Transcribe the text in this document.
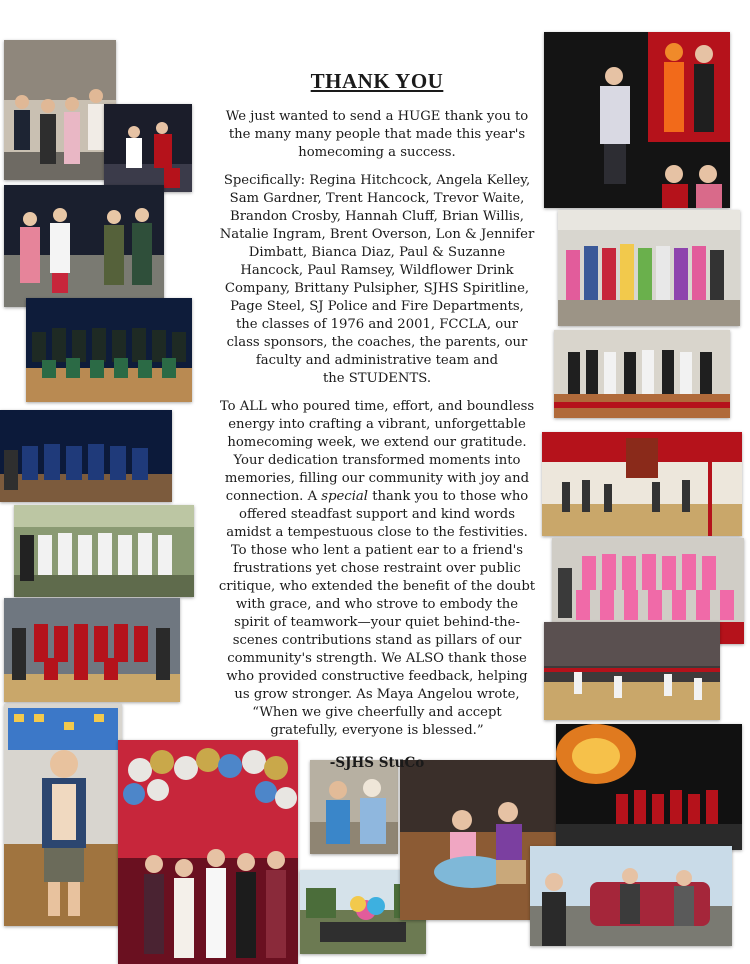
THANK YOU

We just wanted to send a HUGE thank you to the many many people that made this year's homecoming a success.

Specifically: Regina Hitchcock, Angela Kelley, Sam Gardner, Trent Hancock, Trevor Waite, Brandon Crosby, Hannah Cluff, Brian Willis, Natalie Ingram, Brent Overson, Lon & Jennifer Dimbatt, Bianca Diaz, Paul & Suzanne Hancock, Paul Ramsey, Wildflower Drink Company, Brittany Pulsipher, SJHS Spiritline, Page Steel, SJ Police and Fire Departments, the classes of 1976 and 2001, FCCLA, our class sponsors, the coaches, the parents, our faculty and administrative team and
the STUDENTS.

To ALL who poured time, effort, and boundless energy into crafting a vibrant, unforgettable homecoming week, we extend our gratitude. Your dedication transformed moments into memories, filling our community with joy and connection. A special thank you to those who offered steadfast support and kind words amidst a tempestuous close to the festivities. To those who lent a patient ear to a friend's frustrations yet chose restraint over public critique, who extended the benefit of the doubt with grace, and who strove to embody the spirit of teamwork—your quiet behind-the-scenes contributions stand as pillars of our community's strength. We ALSO thank those who provided constructive feedback, helping us grow stronger. As Maya Angelou wrote, “When we give cheerfully and accept gratefully, everyone is blessed.”

-SJHS StuCo
